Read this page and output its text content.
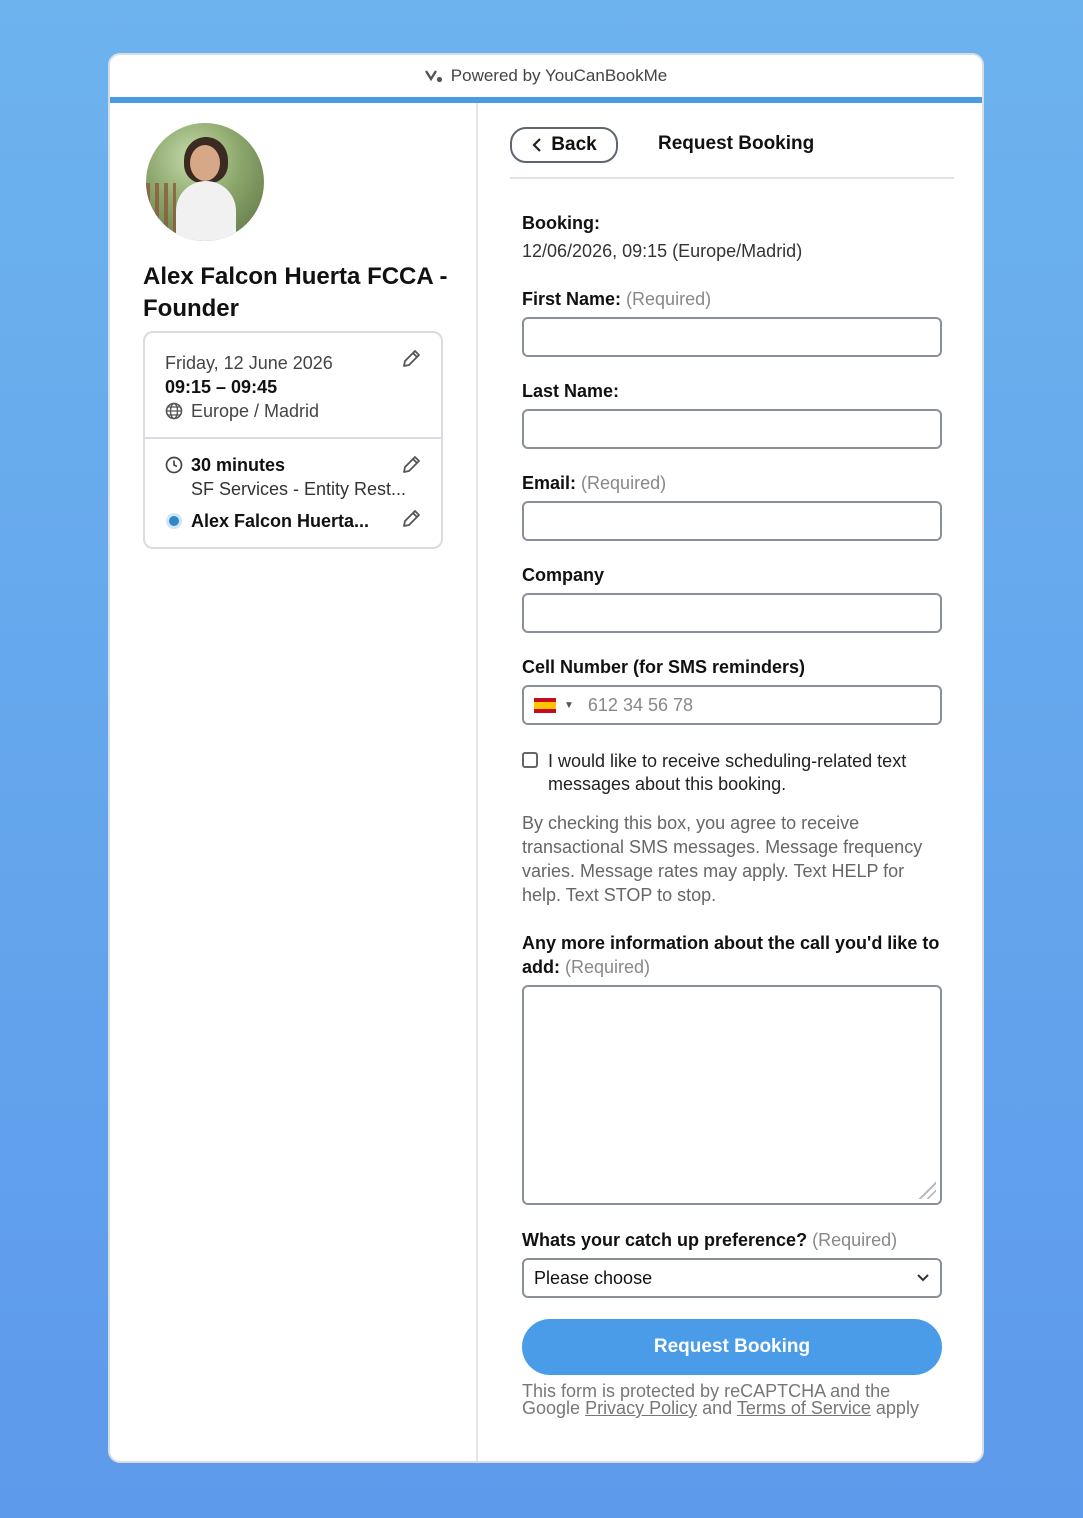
Powered by YouCanBookMe
Alex Falcon Huerta FCCA - Founder
Friday, 12 June 2026
09:15 – 09:45
Europe / Madrid
30 minutes
SF Services - Entity Rest...
Alex Falcon Huerta...
Back	Request Booking
Booking:
12/06/2026, 09:15 (Europe/Madrid)
First Name: (Required)
Last Name:
Email: (Required)
Company
Cell Number (for SMS reminders)
▼ 612 34 56 78
I would like to receive scheduling-related text messages about this booking.
By checking this box, you agree to receive transactional SMS messages. Message frequency varies. Message rates may apply. Text HELP for help. Text STOP to stop.
Any more information about the call you'd like to add: (Required)
Whats your catch up preference? (Required)
Please choose
Request Booking
This form is protected by reCAPTCHA and the Google Privacy Policy and Terms of Service apply
